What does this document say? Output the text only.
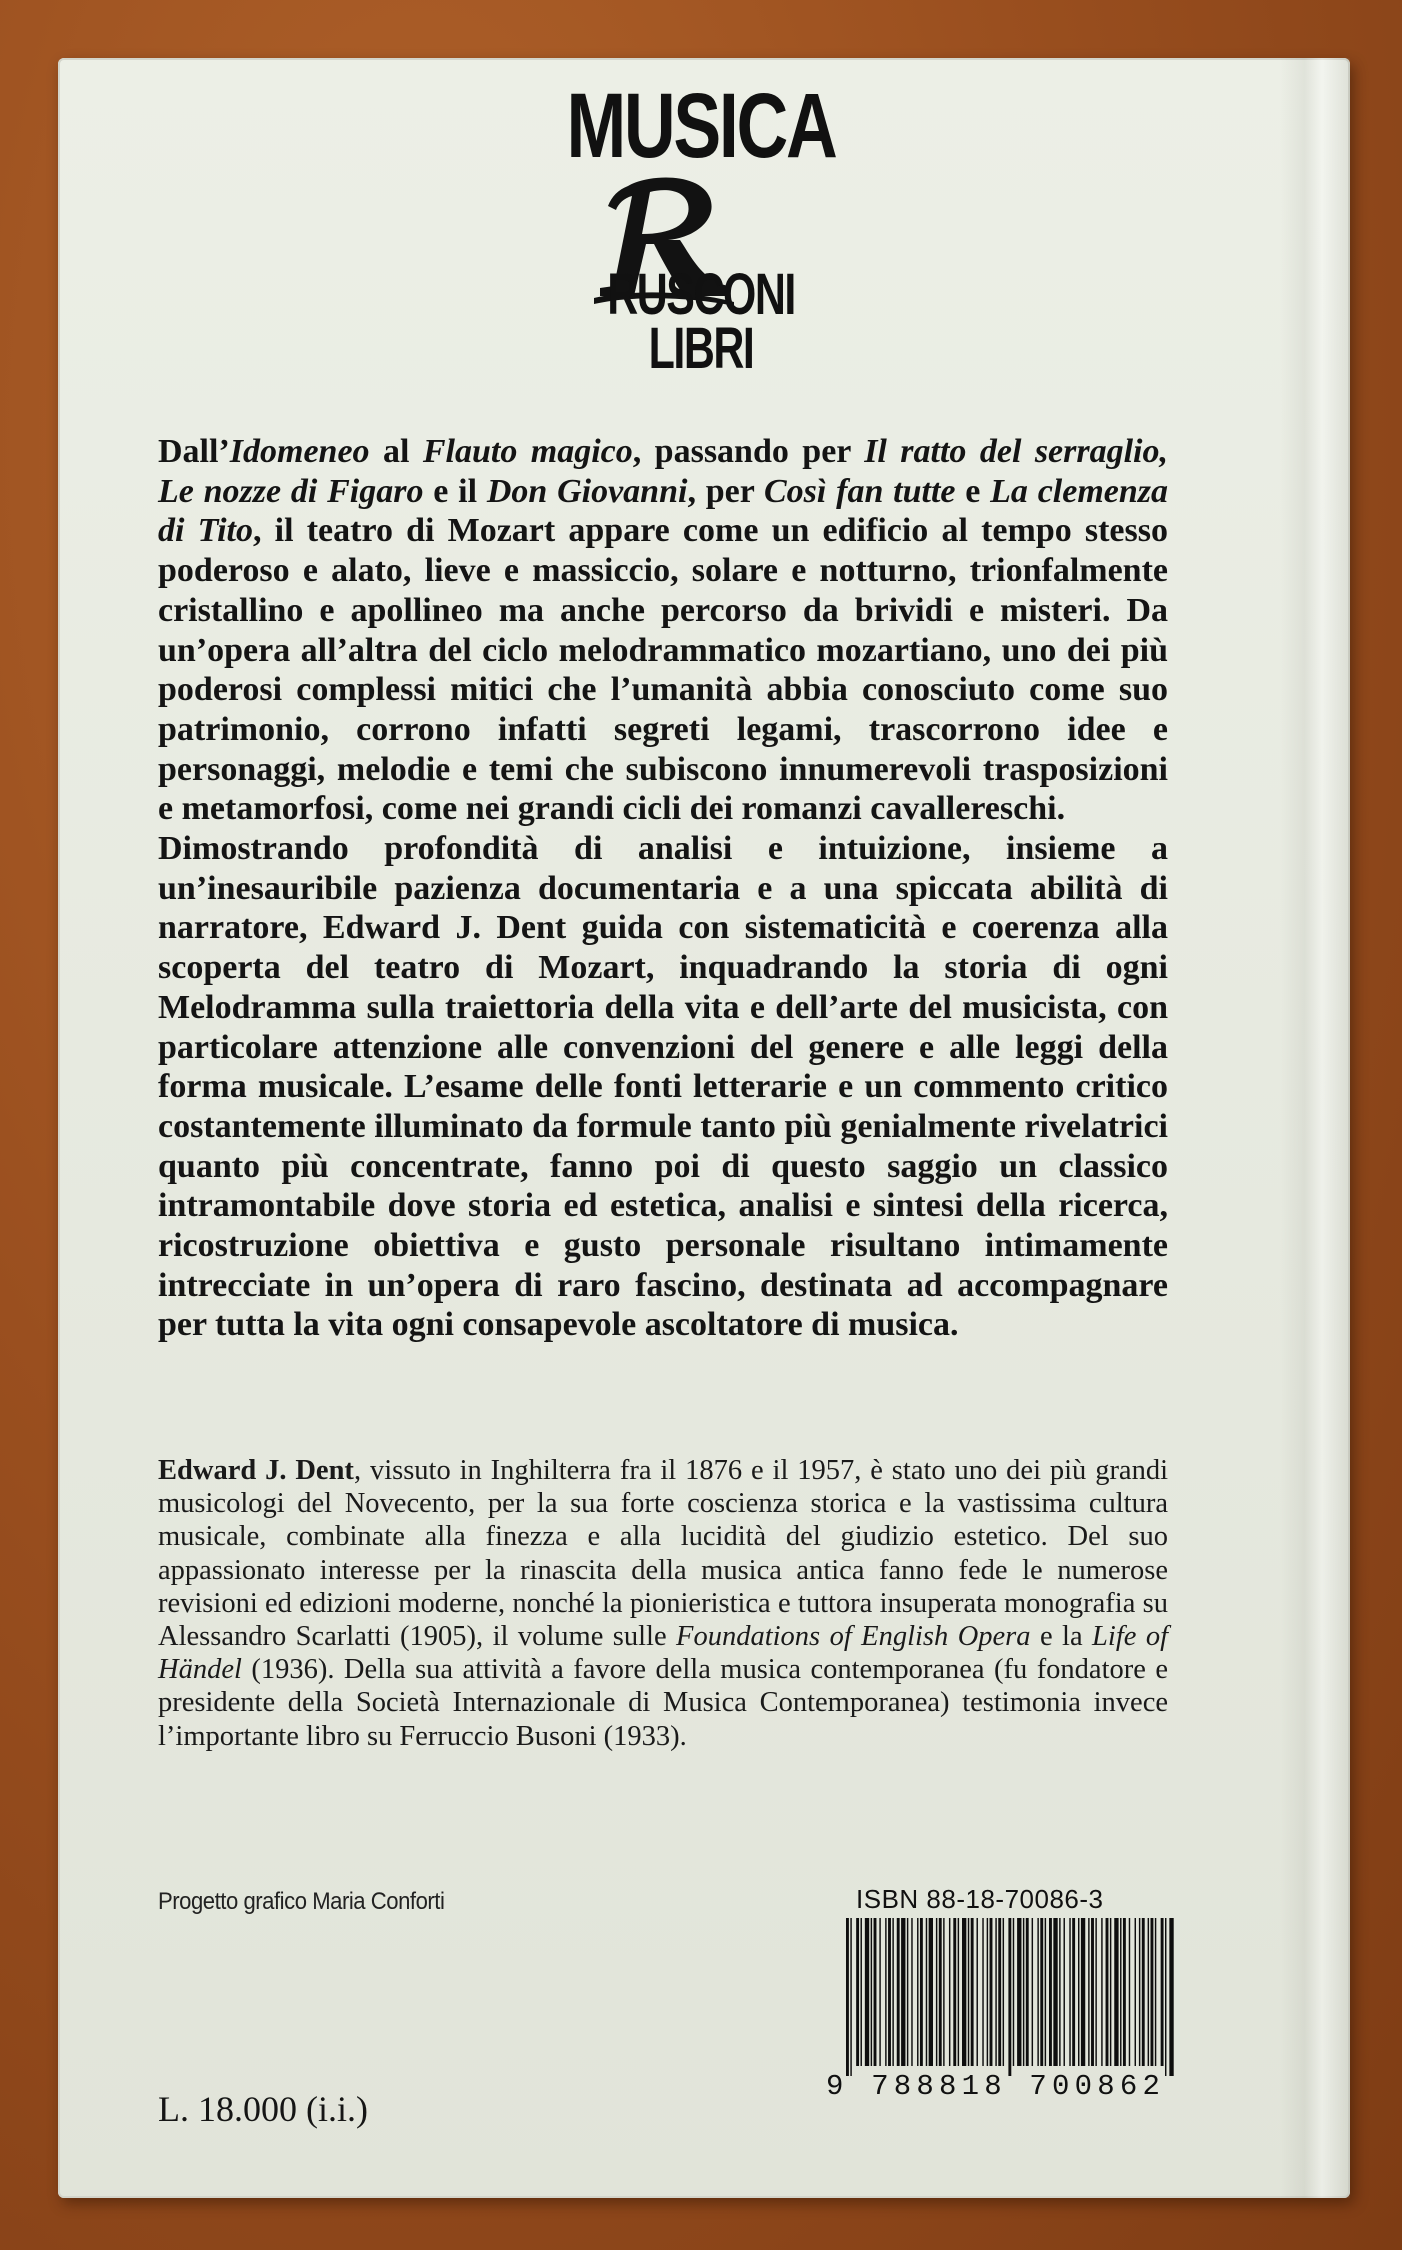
MUSICA
RUSCONI
LIBRI

Dall’Idomeneo al Flauto magico, passando per Il ratto del serraglio, Le nozze di Figaro e il Don Giovanni, per Così fan tutte e La clemenza di Tito, il teatro di Mozart appare come un edificio al tempo stesso poderoso e alato, lieve e massiccio, solare e notturno, trionfalmente cristallino e apollineo ma anche percorso da brividi e misteri. Da un’opera all’altra del ciclo melodrammatico mozartiano, uno dei più poderosi complessi mitici che l’umanità abbia conosciuto come suo patrimonio, corrono infatti segreti legami, trascorrono idee e personaggi, melodie e temi che subiscono innumerevoli trasposizioni e metamorfosi, come nei grandi cicli dei romanzi cavallereschi.

Dimostrando profondità di analisi e intuizione, insieme a un’inesauribile pazienza documentaria e a una spiccata abilità di narratore, Edward J. Dent guida con sistematicità e coerenza alla scoperta del teatro di Mozart, inquadrando la storia di ogni Melodramma sulla traiettoria della vita e dell’arte del musicista, con particolare attenzione alle convenzioni del genere e alle leggi della forma musicale. L’esame delle fonti letterarie e un commento critico costantemente illuminato da formule tanto più genialmente rivelatrici quanto più concentrate, fanno poi di questo saggio un classico intramontabile dove storia ed estetica, analisi e sintesi della ricerca, ricostruzione obiettiva e gusto personale risultano intimamente intrecciate in un’opera di raro fascino, destinata ad accompagnare per tutta la vita ogni consapevole ascoltatore di musica.

Edward J. Dent, vissuto in Inghilterra fra il 1876 e il 1957, è stato uno dei più grandi musicologi del Novecento, per la sua forte coscienza storica e la vastissima cultura musicale, combinate alla finezza e alla lucidità del giudizio estetico. Del suo appassionato interesse per la rinascita della musica antica fanno fede le numerose revisioni ed edizioni moderne, nonché la pionieristica e tuttora insuperata monografia su Alessandro Scarlatti (1905), il volume sulle Foundations of English Opera e la Life of Händel (1936). Della sua attività a favore della musica contemporanea (fu fondatore e presidente della Società Internazionale di Musica Contemporanea) testimonia invece l’importante libro su Ferruccio Busoni (1933).
Progetto grafico Maria Conforti	ISBN 88-18-70086-3
9 788818 700862
L. 18.000 (i.i.)
